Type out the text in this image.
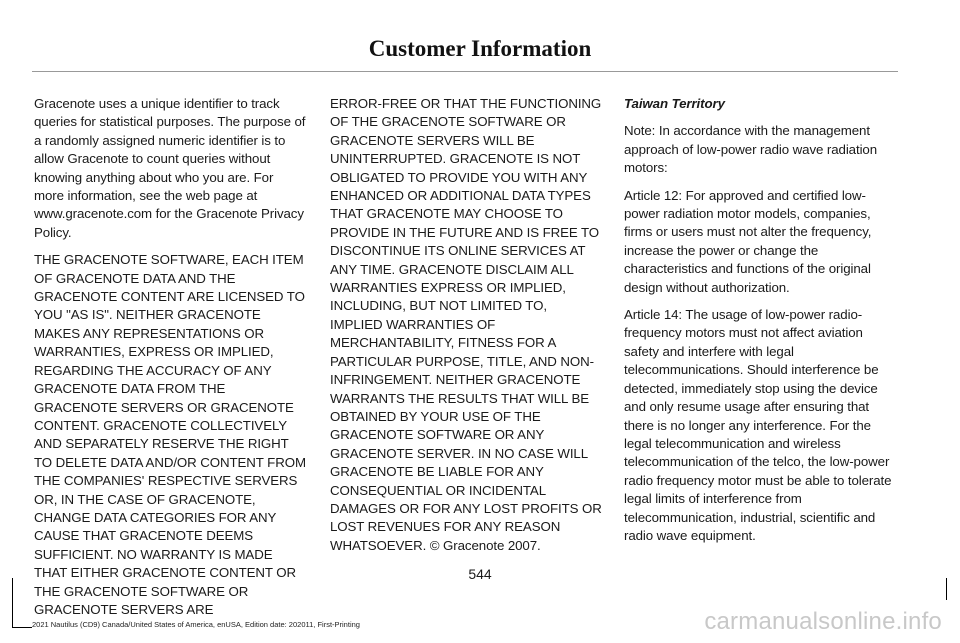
Customer Information

Gracenote uses a unique identifier to track queries for statistical purposes. The purpose of a randomly assigned numeric identifier is to allow Gracenote to count queries without knowing anything about who you are. For more information, see the web page at www.gracenote.com for the Gracenote Privacy Policy.

THE GRACENOTE SOFTWARE, EACH ITEM OF GRACENOTE DATA AND THE GRACENOTE CONTENT ARE LICENSED TO YOU "AS IS". NEITHER GRACENOTE MAKES ANY REPRESENTATIONS OR WARRANTIES, EXPRESS OR IMPLIED, REGARDING THE ACCURACY OF ANY GRACENOTE DATA FROM THE GRACENOTE SERVERS OR GRACENOTE CONTENT. GRACENOTE COLLECTIVELY AND SEPARATELY RESERVE THE RIGHT TO DELETE DATA AND/OR CONTENT FROM THE COMPANIES' RESPECTIVE SERVERS OR, IN THE CASE OF GRACENOTE, CHANGE DATA CATEGORIES FOR ANY CAUSE THAT GRACENOTE DEEMS SUFFICIENT. NO WARRANTY IS MADE THAT EITHER GRACENOTE CONTENT OR THE GRACENOTE SOFTWARE OR GRACENOTE SERVERS ARE

ERROR-FREE OR THAT THE FUNCTIONING OF THE GRACENOTE SOFTWARE OR GRACENOTE SERVERS WILL BE UNINTERRUPTED. GRACENOTE IS NOT OBLIGATED TO PROVIDE YOU WITH ANY ENHANCED OR ADDITIONAL DATA TYPES THAT GRACENOTE MAY CHOOSE TO PROVIDE IN THE FUTURE AND IS FREE TO DISCONTINUE ITS ONLINE SERVICES AT ANY TIME. GRACENOTE DISCLAIM ALL WARRANTIES EXPRESS OR IMPLIED, INCLUDING, BUT NOT LIMITED TO, IMPLIED WARRANTIES OF MERCHANTABILITY, FITNESS FOR A PARTICULAR PURPOSE, TITLE, AND NON-INFRINGEMENT. NEITHER GRACENOTE WARRANTS THE RESULTS THAT WILL BE OBTAINED BY YOUR USE OF THE GRACENOTE SOFTWARE OR ANY GRACENOTE SERVER. IN NO CASE WILL GRACENOTE BE LIABLE FOR ANY CONSEQUENTIAL OR INCIDENTAL DAMAGES OR FOR ANY LOST PROFITS OR LOST REVENUES FOR ANY REASON WHATSOEVER. © Gracenote 2007.

Taiwan Territory

Note: In accordance with the management approach of low-power radio wave radiation motors:

Article 12: For approved and certified low-power radiation motor models, companies, firms or users must not alter the frequency, increase the power or change the characteristics and functions of the original design without authorization.

Article 14: The usage of low-power radio-frequency motors must not affect aviation safety and interfere with legal telecommunications. Should interference be detected, immediately stop using the device and only resume usage after ensuring that there is no longer any interference. For the legal telecommunication and wireless telecommunication of the telco, the low-power radio frequency motor must be able to tolerate legal limits of interference from telecommunication, industrial, scientific and radio wave equipment.

544
2021 Nautilus (CD9) Canada/United States of America, enUSA, Edition date: 202011, First-Printing	carmanualsonline.info
